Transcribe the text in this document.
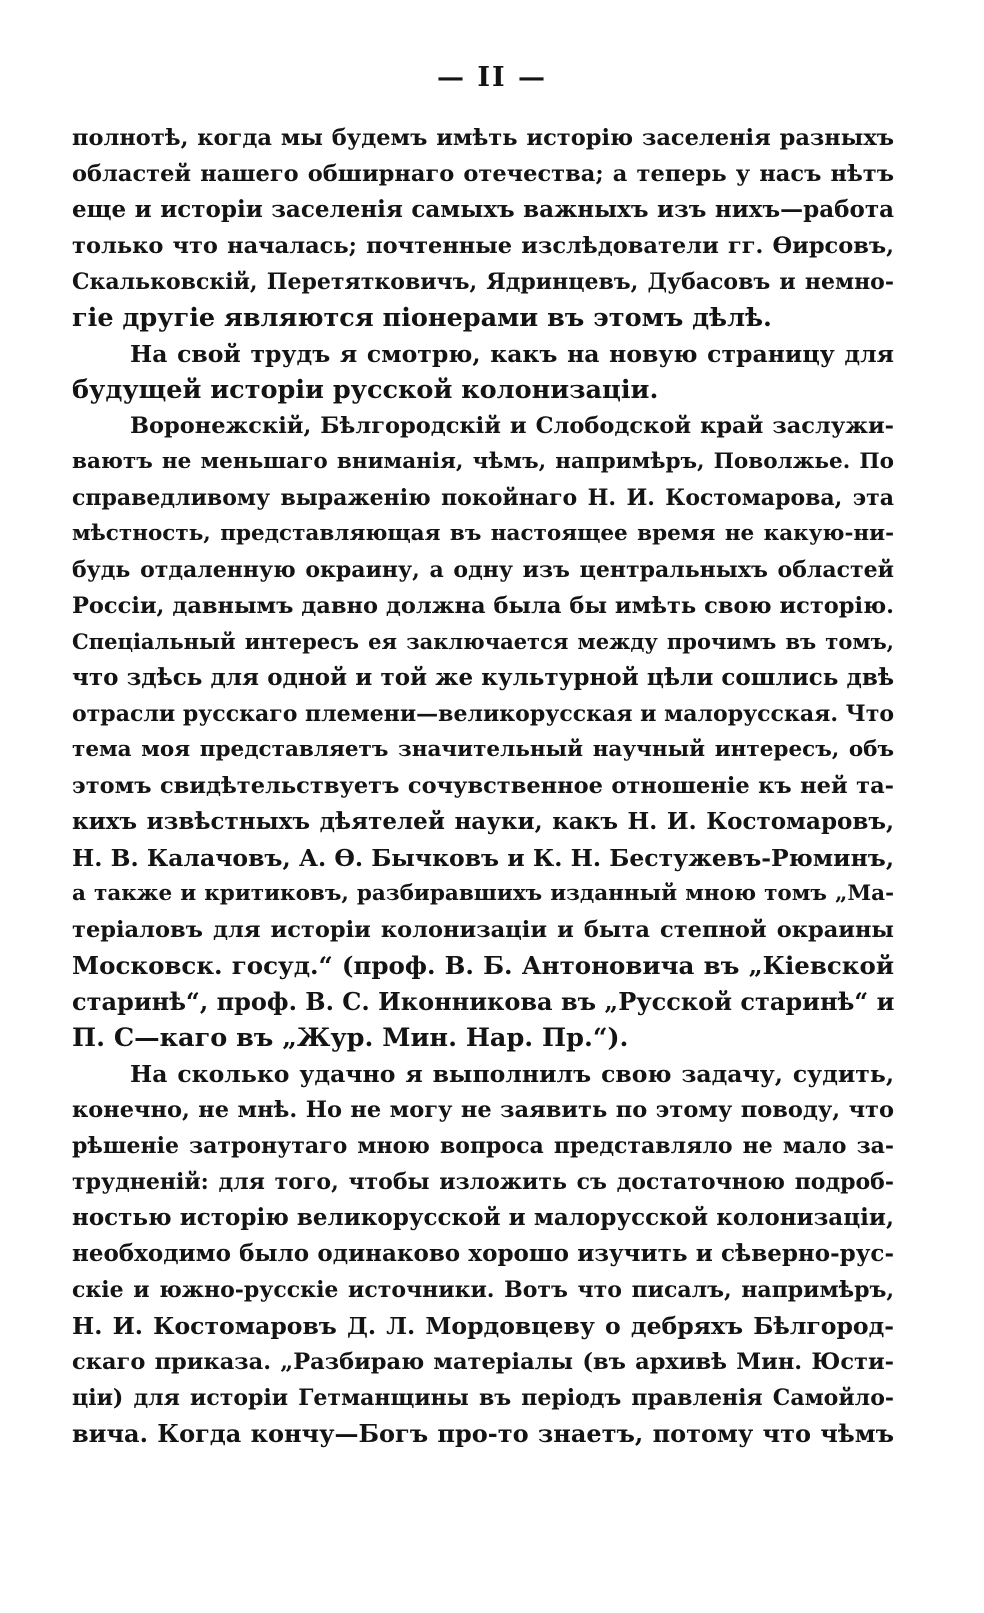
— II —
полнотѣ, когда мы будемъ имѣть исторію заселенія разныхъ
областей нашего обширнаго отечества; а теперь у насъ нѣтъ
еще и исторіи заселенія самыхъ важныхъ изъ нихъ—работа
только что началась; почтенные изслѣдователи гг. Ѳирсовъ,
Скальковскій, Перетятковичъ, Ядринцевъ, Дубасовъ и немно-
гіе другіе являются піонерами въ этомъ дѣлѣ.
На свой трудъ я смотрю, какъ на новую страницу для
будущей исторіи русской колонизаціи.
Воронежскій, Бѣлгородскій и Слободской край заслужи-
ваютъ не меньшаго вниманія, чѣмъ, напримѣръ, Поволжье. По
справедливому выраженію покойнаго Н. И. Костомарова, эта
мѣстность, представляющая въ настоящее время не какую-ни-
будь отдаленную окраину, а одну изъ центральныхъ областей
Россіи, давнымъ давно должна была бы имѣть свою исторію.
Спеціальный интересъ ея заключается между прочимъ въ томъ,
что здѣсь для одной и той же культурной цѣли сошлись двѣ
отрасли русскаго племени—великорусская и малорусская. Что
тема моя представляетъ значительный научный интересъ, объ
этомъ свидѣтельствуетъ сочувственное отношеніе къ ней та-
кихъ извѣстныхъ дѣятелей науки, какъ Н. И. Костомаровъ,
Н. В. Калачовъ, А. Ѳ. Бычковъ и К. Н. Бестужевъ-Рюминъ,
а также и критиковъ, разбиравшихъ изданный мною томъ „Ма-
теріаловъ для исторіи колонизаціи и быта степной окраины
Московск. госуд.“ (проф. В. Б. Антоновича въ „Кіевской
старинѣ“, проф. В. С. Иконникова въ „Русской старинѣ“ и
П. С—каго въ „Жур. Мин. Нар. Пр.“).
На сколько удачно я выполнилъ свою задачу, судить,
конечно, не мнѣ. Но не могу не заявить по этому поводу, что
рѣшеніе затронутаго мною вопроса представляло не мало за-
трудненій: для того, чтобы изложить съ достаточною подроб-
ностью исторію великорусской и малорусской колонизаціи,
необходимо было одинаково хорошо изучить и сѣверно-рус-
скіе и южно-русскіе источники. Вотъ что писалъ, напримѣръ,
Н. И. Костомаровъ Д. Л. Мордовцеву о дебряхъ Бѣлгород-
скаго приказа. „Разбираю матеріалы (въ архивѣ Мин. Юсти-
ціи) для исторіи Гетманщины въ періодъ правленія Самойло-
вича. Когда кончу—Богъ про-то знаетъ, потому что чѣмъ
